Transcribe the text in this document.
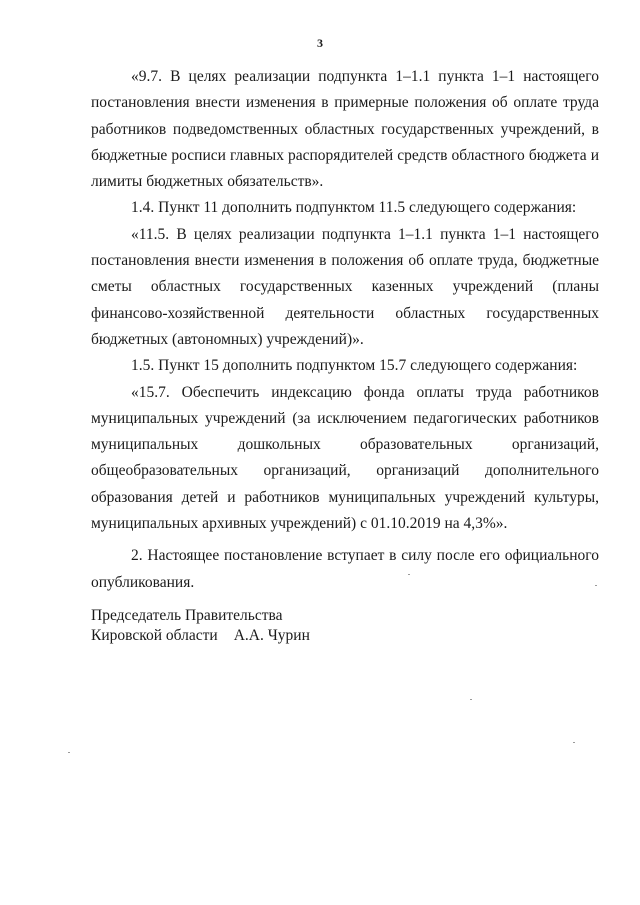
3

«9.7. В целях реализации подпункта 1–1.1 пункта 1–1 настоящего постановления внести изменения в примерные положения об оплате труда работников подведомственных областных государственных учреждений, в бюджетные росписи главных распорядителей средств областного бюджета и лимиты бюджетных обязательств».

1.4. Пункт 11 дополнить подпунктом 11.5 следующего содержания:

«11.5. В целях реализации подпункта 1–1.1 пункта 1–1 настоящего постановления внести изменения в положения об оплате труда, бюджетные сметы областных государственных казенных учреждений (планы финансово-хозяйственной деятельности областных государственных бюджетных (автономных) учреждений)».

1.5. Пункт 15 дополнить подпунктом 15.7 следующего содержания:

«15.7. Обеспечить индексацию фонда оплаты труда работников муниципальных учреждений (за исключением педагогических работников муниципальных дошкольных образовательных организаций, общеобразовательных организаций, организаций дополнительного образования детей и работников муниципальных учреждений культуры, муниципальных архивных учреждений) с 01.10.2019 на 4,3%».

2. Настоящее постановление вступает в силу после его официального опубликования.

Председатель Правительства
Кировской области А.А. Чурин
